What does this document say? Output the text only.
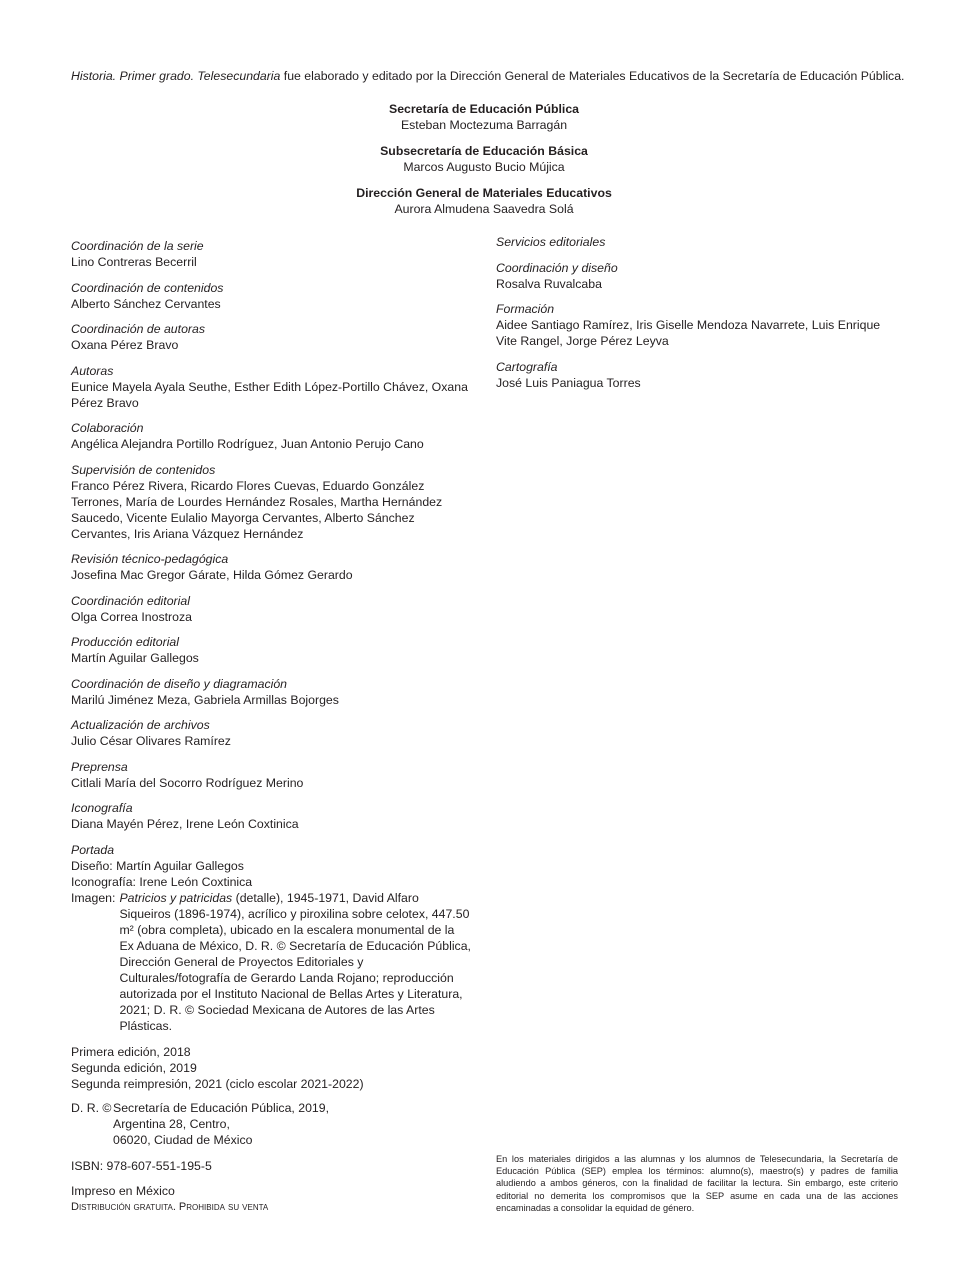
Historia. Primer grado. Telesecundaria fue elaborado y editado por la Dirección General de Materiales Educativos de la Secretaría de Educación Pública.
Secretaría de Educación Pública
Esteban Moctezuma Barragán
Subsecretaría de Educación Básica
Marcos Augusto Bucio Mújica
Dirección General de Materiales Educativos
Aurora Almudena Saavedra Solá
Coordinación de la serie
Lino Contreras Becerril
Coordinación de contenidos
Alberto Sánchez Cervantes
Coordinación de autoras
Oxana Pérez Bravo
Autoras
Eunice Mayela Ayala Seuthe, Esther Edith López-Portillo Chávez, Oxana Pérez Bravo
Colaboración
Angélica Alejandra Portillo Rodríguez, Juan Antonio Perujo Cano
Supervisión de contenidos
Franco Pérez Rivera, Ricardo Flores Cuevas, Eduardo González Terrones, María de Lourdes Hernández Rosales, Martha Hernández Saucedo, Vicente Eulalio Mayorga Cervantes, Alberto Sánchez Cervantes, Iris Ariana Vázquez Hernández
Revisión técnico-pedagógica
Josefina Mac Gregor Gárate, Hilda Gómez Gerardo
Coordinación editorial
Olga Correa Inostroza
Producción editorial
Martín Aguilar Gallegos
Coordinación de diseño y diagramación
Marilú Jiménez Meza, Gabriela Armillas Bojorges
Actualización de archivos
Julio César Olivares Ramírez
Preprensa
Citlali María del Socorro Rodríguez Merino
Iconografía
Diana Mayén Pérez, Irene León Coxtinica
Portada
Diseño: Martín Aguilar Gallegos
Iconografía: Irene León Coxtinica
Imagen: Patricios y patricidas (detalle), 1945-1971, David Alfaro Siqueiros (1896-1974), acrílico y piroxilina sobre celotex, 447.50 m² (obra completa), ubicado en la escalera monumental de la Ex Aduana de México, D. R. © Secretaría de Educación Pública, Dirección General de Proyectos Editoriales y Culturales/fotografía de Gerardo Landa Rojano; reproducción autorizada por el Instituto Nacional de Bellas Artes y Literatura, 2021; D. R. © Sociedad Mexicana de Autores de las Artes Plásticas.
Servicios editoriales
Coordinación y diseño
Rosalva Ruvalcaba
Formación
Aidee Santiago Ramírez, Iris Giselle Mendoza Navarrete, Luis Enrique Vite Rangel, Jorge Pérez Leyva
Cartografía
José Luis Paniagua Torres
Primera edición, 2018
Segunda edición, 2019
Segunda reimpresión, 2021 (ciclo escolar 2021-2022)
D. R. © Secretaría de Educación Pública, 2019,
Argentina 28, Centro,
06020, Ciudad de México
ISBN: 978-607-551-195-5
Impreso en México
Distribución gratuita. Prohibida su venta
En los materiales dirigidos a las alumnas y los alumnos de Telesecundaria, la Secretaría de Educación Pública (SEP) emplea los términos: alumno(s), maestro(s) y padres de familia aludiendo a ambos géneros, con la finalidad de facilitar la lectura. Sin embargo, este criterio editorial no demerita los compromisos que la SEP asume en cada una de las acciones encaminadas a consolidar la equidad de género.
